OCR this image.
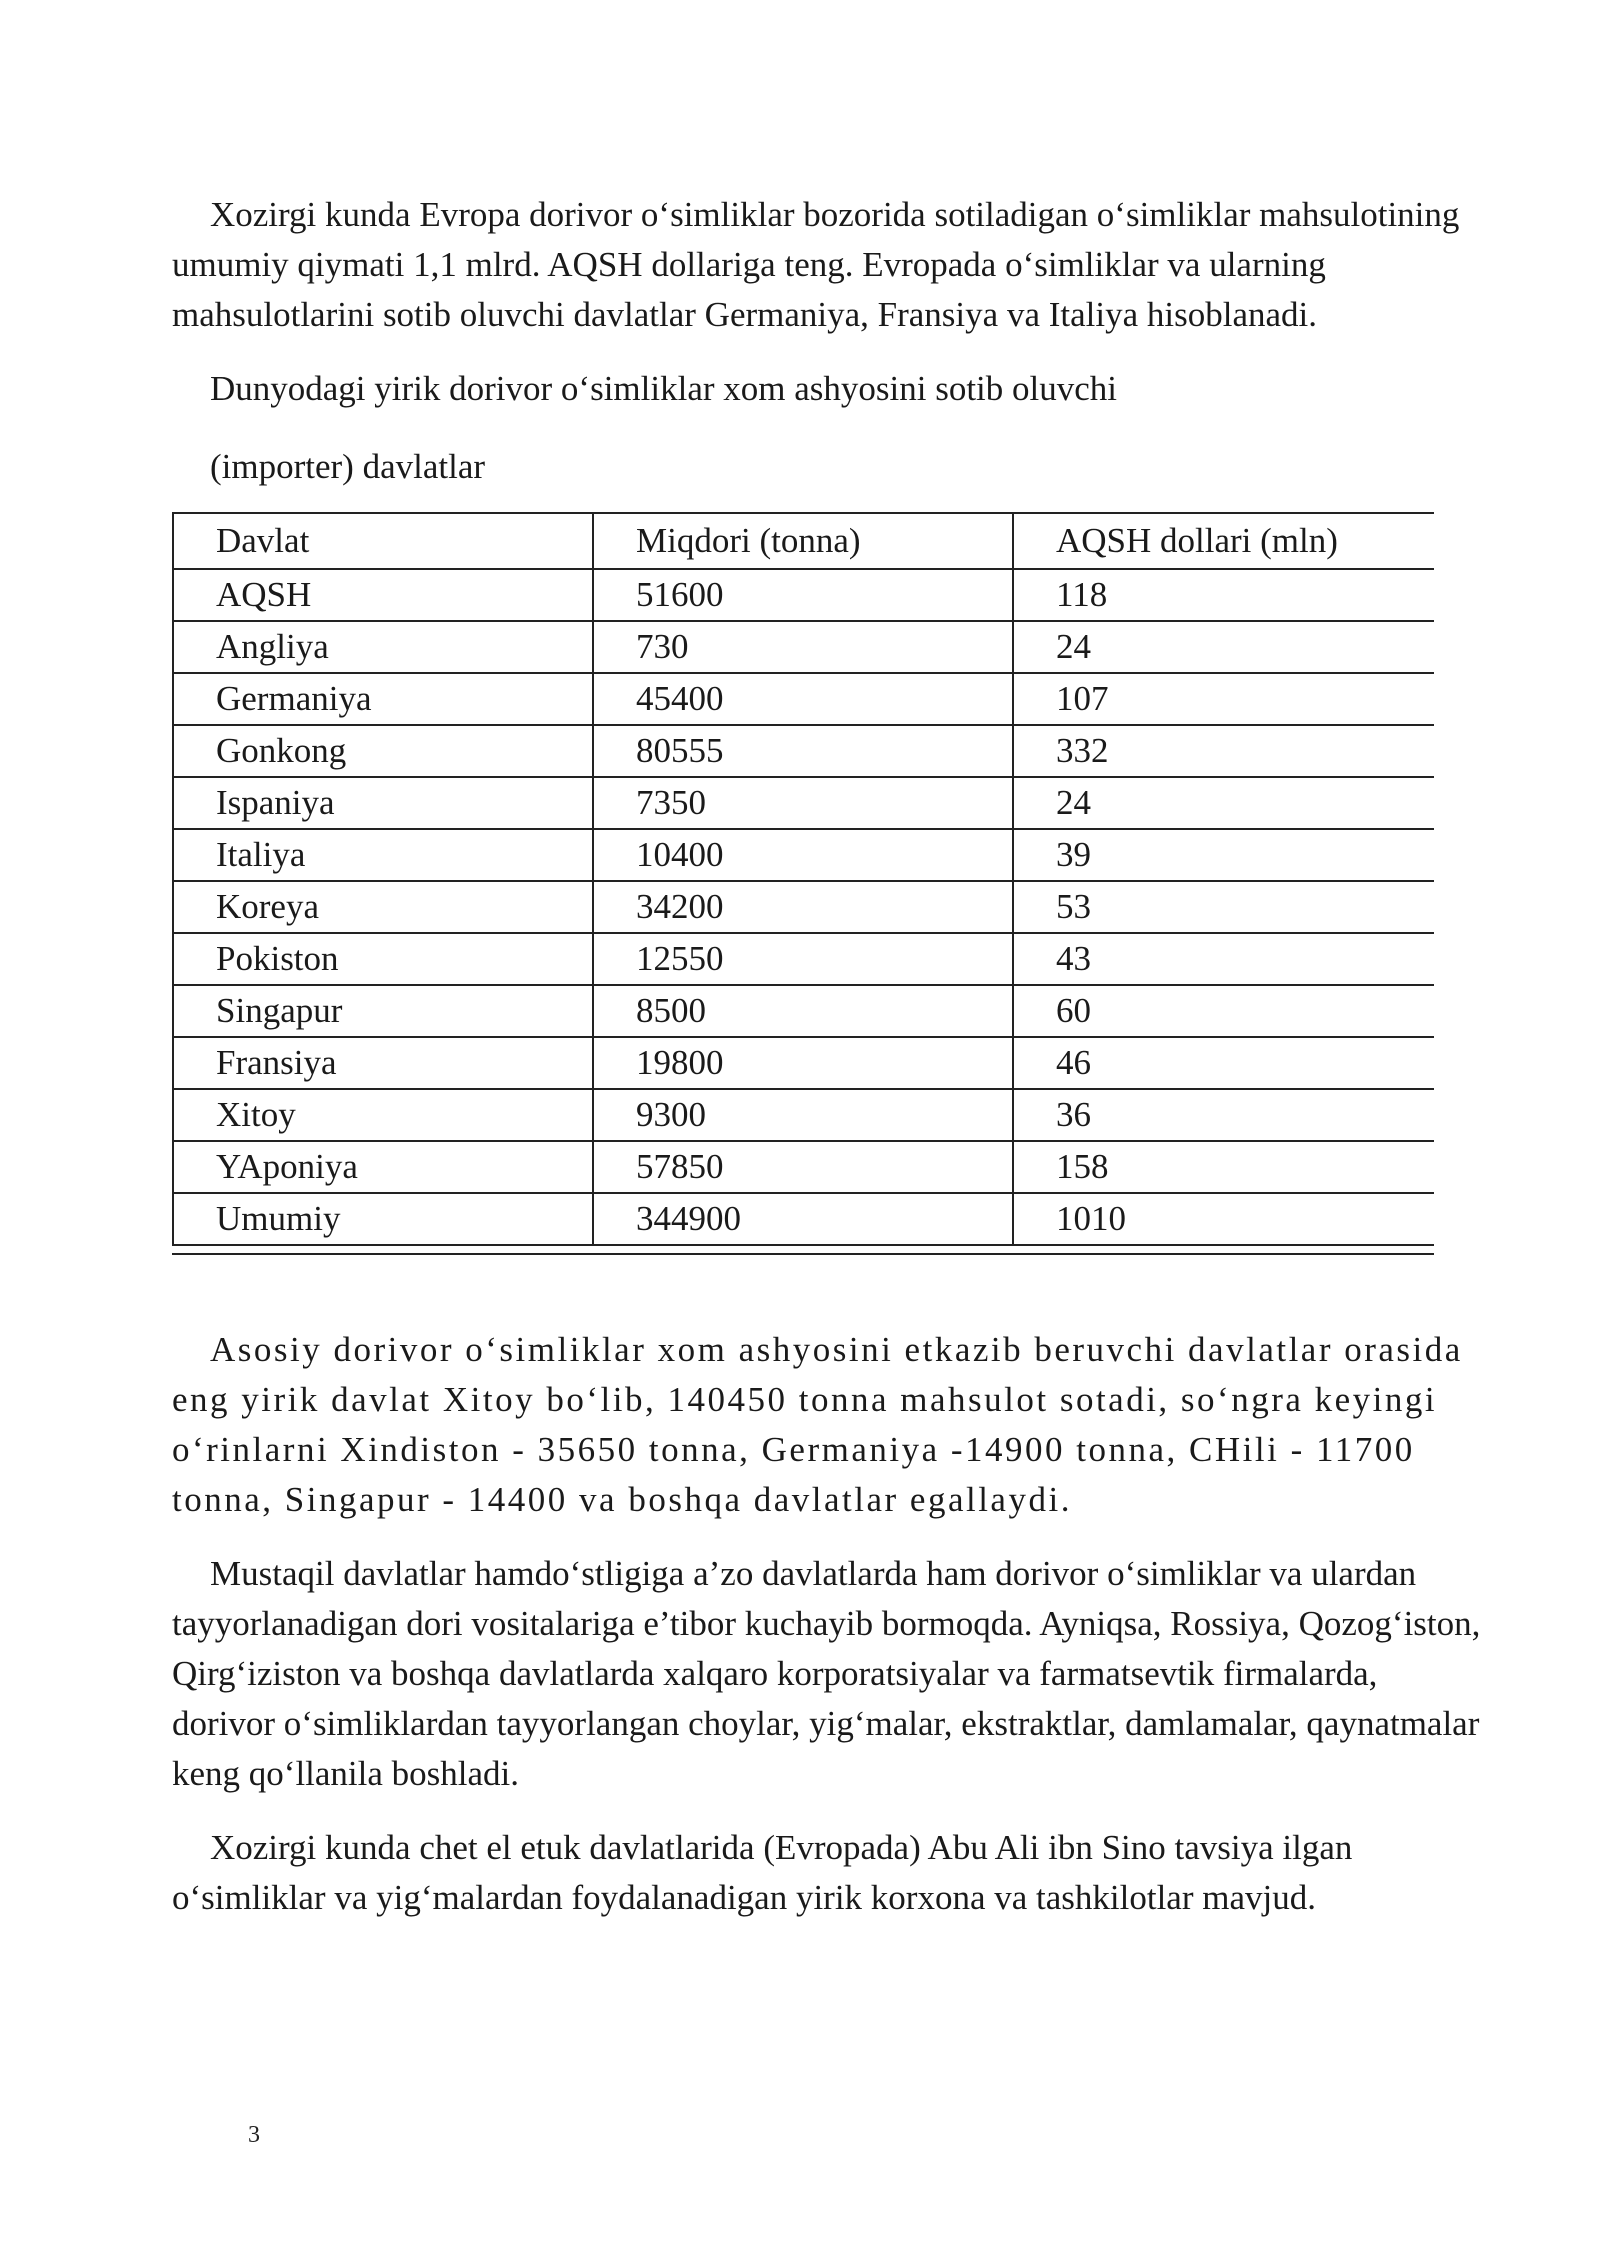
Xozirgi kunda Evropa dorivor o‘simliklar bozorida sotiladigan o‘simliklar mahsulotining umumiy qiymati 1,1 mlrd. AQSH dollariga teng. Evropada o‘simliklar va ularning mahsulotlarini sotib oluvchi davlatlar Germaniya, Fransiya va Italiya hisoblanadi.

Dunyodagi yirik dorivor o‘simliklar xom ashyosini sotib oluvchi

(importer) davlatlar

Davlat	Miqdori (tonna)	AQSH dollari (mln)
AQSH	51600	118
Angliya	730	24
Germaniya	45400	107
Gonkong	80555	332
Ispaniya	7350	24
Italiya	10400	39
Koreya	34200	53
Pokiston	12550	43
Singapur	8500	60
Fransiya	19800	46
Xitoy	9300	36
YAponiya	57850	158
Umumiy	344900	1010

Asosiy dorivor o‘simliklar xom ashyosini etkazib beruvchi davlatlar orasida eng yirik davlat Xitoy bo‘lib, 140450 tonna mahsulot sotadi, so‘ngra keyingi o‘rinlarni Xindiston - 35650 tonna, Germaniya -14900 tonna, CHili - 11700 tonna, Singapur - 14400 va boshqa davlatlar egallaydi.

Mustaqil davlatlar hamdo‘stligiga a’zo davlatlarda ham dorivor o‘simliklar va ulardan tayyorlanadigan dori vositalariga e’tibor kuchayib bormoqda. Ayniqsa, Rossiya, Qozog‘iston, Qirg‘iziston va boshqa davlatlarda xalqaro korporatsiyalar va farmatsevtik firmalarda, dorivor o‘simliklardan tayyorlangan choylar, yig‘malar, ekstraktlar, damlamalar, qaynatmalar keng qo‘llanila boshladi.

Xozirgi kunda chet el etuk davlatlarida (Evropada) Abu Ali ibn Sino tavsiya ilgan o‘simliklar va yig‘malardan foydalanadigan yirik korxona va tashkilotlar mavjud.

3
